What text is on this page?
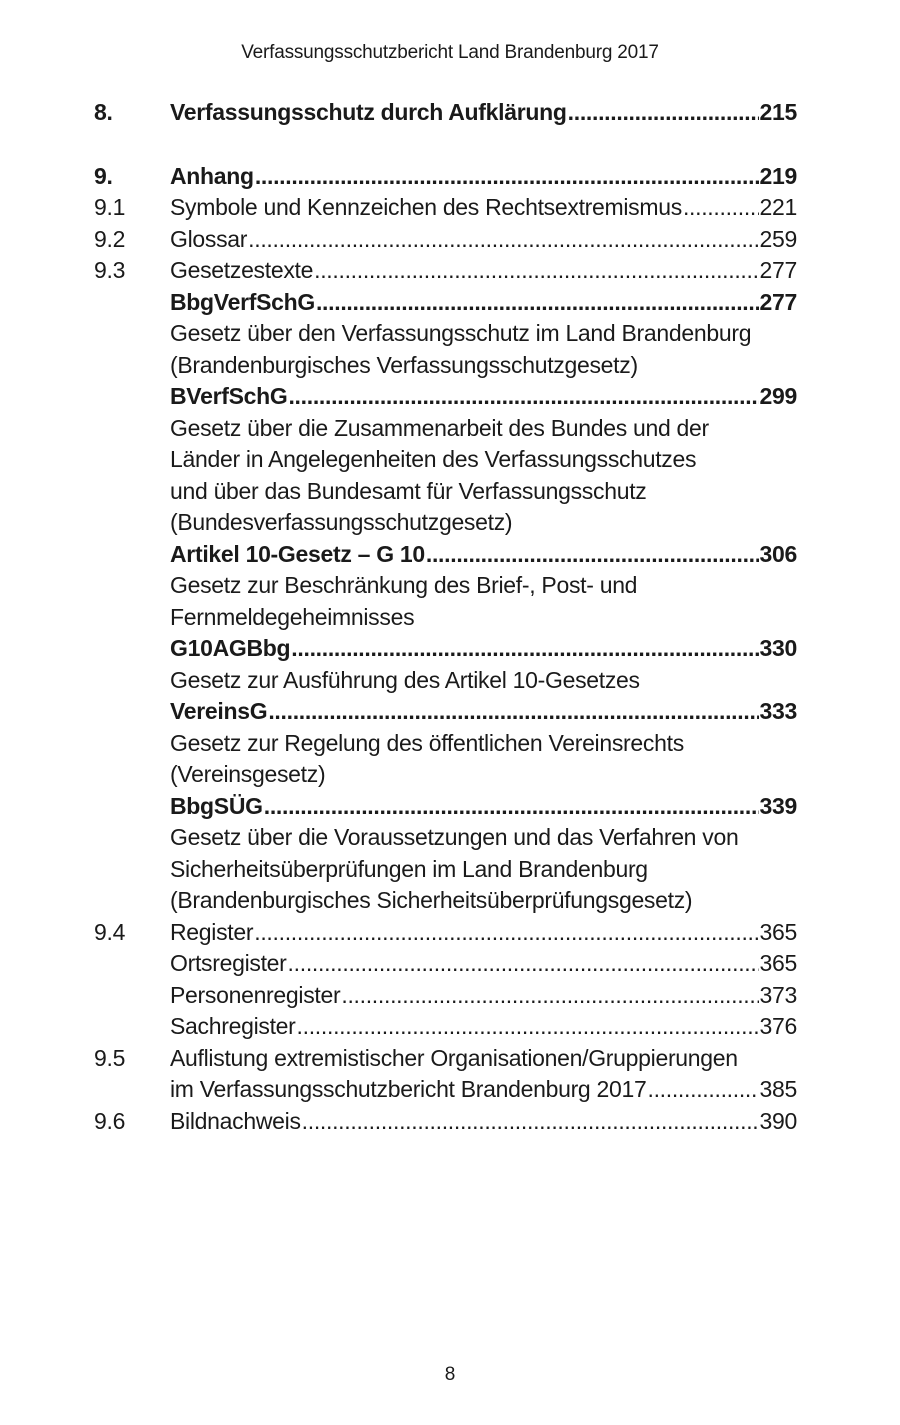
Verfassungsschutzbericht Land Brandenburg 2017
8.	Verfassungsschutz durch Aufklärung .....	215
9.	Anhang .....	219
9.1	Symbole und Kennzeichen des Rechtsextremismus .....	221
9.2	Glossar .....	259
9.3	Gesetzestexte .....	277
BbgVerfSchG .....	277
Gesetz über den Verfassungsschutz im Land Brandenburg
(Brandenburgisches Verfassungsschutzgesetz)
BVerfSchG .....	299
Gesetz über die Zusammenarbeit des Bundes und der
Länder in Angelegenheiten des Verfassungsschutzes
und über das Bundesamt für Verfassungsschutz
(Bundesverfassungsschutzgesetz)
Artikel 10-Gesetz – G 10 .....	306
Gesetz zur Beschränkung des Brief-, Post- und
Fernmeldegeheimnisses
G10AGBbg .....	330
Gesetz zur Ausführung des Artikel 10-Gesetzes
VereinsG .....	333
Gesetz zur Regelung des öffentlichen Vereinsrechts
(Vereinsgesetz)
BbgSÜG .....	339
Gesetz über die Voraussetzungen und das Verfahren von
Sicherheitsüberprüfungen im Land Brandenburg
(Brandenburgisches Sicherheitsüberprüfungsgesetz)
9.4	Register .....	365
Ortsregister .....	365
Personenregister .....	373
Sachregister .....	376
9.5	Auflistung extremistischer Organisationen/Gruppierungen
im Verfassungsschutzbericht Brandenburg 2017 .....	385
9.6	Bildnachweis .....	390
8
